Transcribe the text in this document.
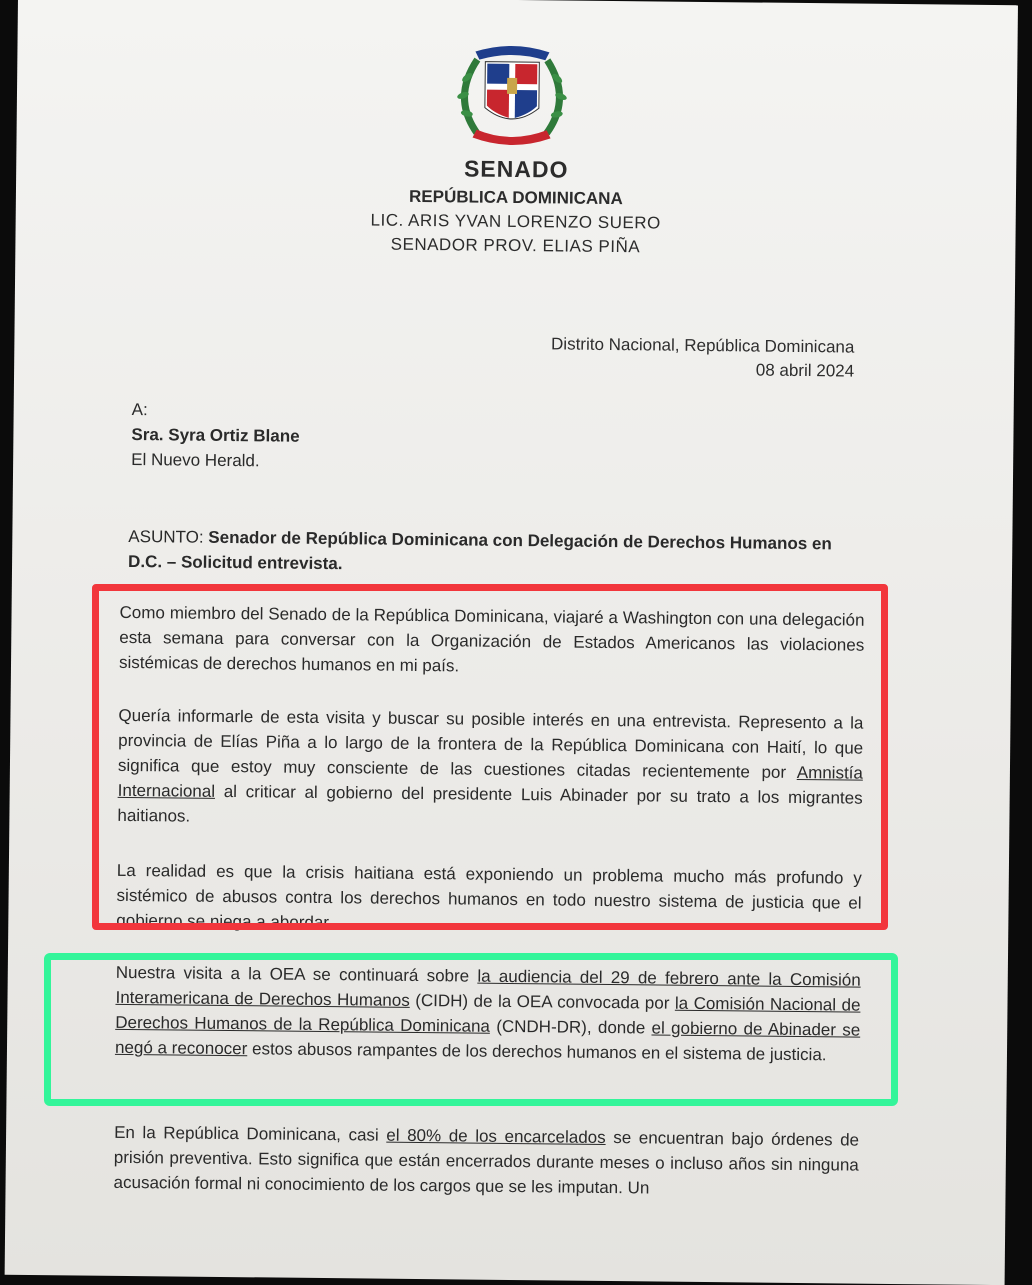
SENADO
REPÚBLICA DOMINICANA
LIC. ARIS YVAN LORENZO SUERO
SENADOR PROV. ELIAS PIÑA
Distrito Nacional, República Dominicana
08 abril 2024
A:
Sra. Syra Ortiz Blane
El Nuevo Herald.
ASUNTO: Senador de República Dominicana con Delegación de Derechos Humanos en D.C. – Solicitud entrevista.
Como miembro del Senado de la República Dominicana, viajaré a Washington con una delegación esta semana para conversar con la Organización de Estados Americanos las violaciones sistémicas de derechos humanos en mi país.
Quería informarle de esta visita y buscar su posible interés en una entrevista. Represento a la provincia de Elías Piña a lo largo de la frontera de la República Dominicana con Haití, lo que significa que estoy muy consciente de las cuestiones citadas recientemente por Amnistía Internacional al criticar al gobierno del presidente Luis Abinader por su trato a los migrantes haitianos.
La realidad es que la crisis haitiana está exponiendo un problema mucho más profundo y sistémico de abusos contra los derechos humanos en todo nuestro sistema de justicia que el gobierno se niega a abordar.
Nuestra visita a la OEA se continuará sobre la audiencia del 29 de febrero ante la Comisión Interamericana de Derechos Humanos (CIDH) de la OEA convocada por la Comisión Nacional de Derechos Humanos de la República Dominicana (CNDH-DR), donde el gobierno de Abinader se negó a reconocer estos abusos rampantes de los derechos humanos en el sistema de justicia.
En la República Dominicana, casi el 80% de los encarcelados se encuentran bajo órdenes de prisión preventiva. Esto significa que están encerrados durante meses o incluso años sin ninguna acusación formal ni conocimiento de los cargos que se les imputan. Un
